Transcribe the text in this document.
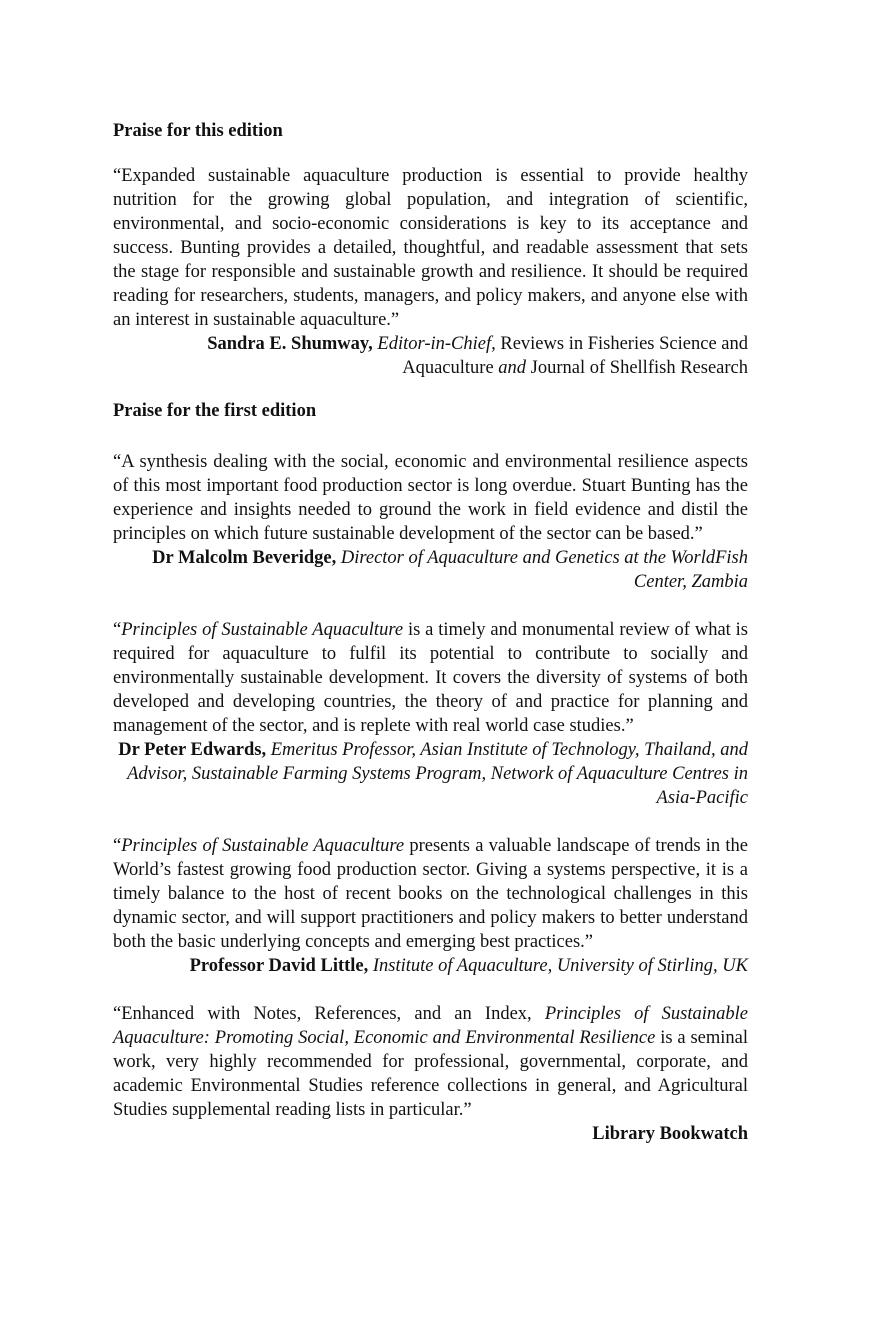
Praise for this edition

“Expanded sustainable aquaculture production is essential to provide healthy nutrition for the growing global population, and integration of scientific, environmental, and socio-economic considerations is key to its acceptance and success. Bunting provides a detailed, thoughtful, and readable assessment that sets the stage for responsible and sustainable growth and resilience. It should be required reading for researchers, students, managers, and policy makers, and anyone else with an interest in sustainable aquaculture.”

Sandra E. Shumway, Editor-in-Chief, Reviews in Fisheries Science and Aquaculture and Journal of Shellfish Research

Praise for the first edition

“A synthesis dealing with the social, economic and environmental resilience aspects of this most important food production sector is long overdue. Stuart Bunting has the experience and insights needed to ground the work in field evidence and distil the principles on which future sustainable development of the sector can be based.”

Dr Malcolm Beveridge, Director of Aquaculture and Genetics at the WorldFish Center, Zambia

“Principles of Sustainable Aquaculture is a timely and monumental review of what is required for aquaculture to fulfil its potential to contribute to socially and environmentally sustainable development. It covers the diversity of systems of both developed and developing countries, the theory of and practice for planning and management of the sector, and is replete with real world case studies.”

Dr Peter Edwards, Emeritus Professor, Asian Institute of Technology, Thailand, and Advisor, Sustainable Farming Systems Program, Network of Aquaculture Centres in Asia-Pacific

“Principles of Sustainable Aquaculture presents a valuable landscape of trends in the World’s fastest growing food production sector. Giving a systems perspective, it is a timely balance to the host of recent books on the technological challenges in this dynamic sector, and will support practitioners and policy makers to better understand both the basic underlying concepts and emerging best practices.”

Professor David Little, Institute of Aquaculture, University of Stirling, UK

“Enhanced with Notes, References, and an Index, Principles of Sustainable Aquaculture: Promoting Social, Economic and Environmental Resilience is a seminal work, very highly recommended for professional, governmental, corporate, and academic Environmental Studies reference collections in general, and Agricultural Studies supplemental reading lists in particular.”

Library Bookwatch
